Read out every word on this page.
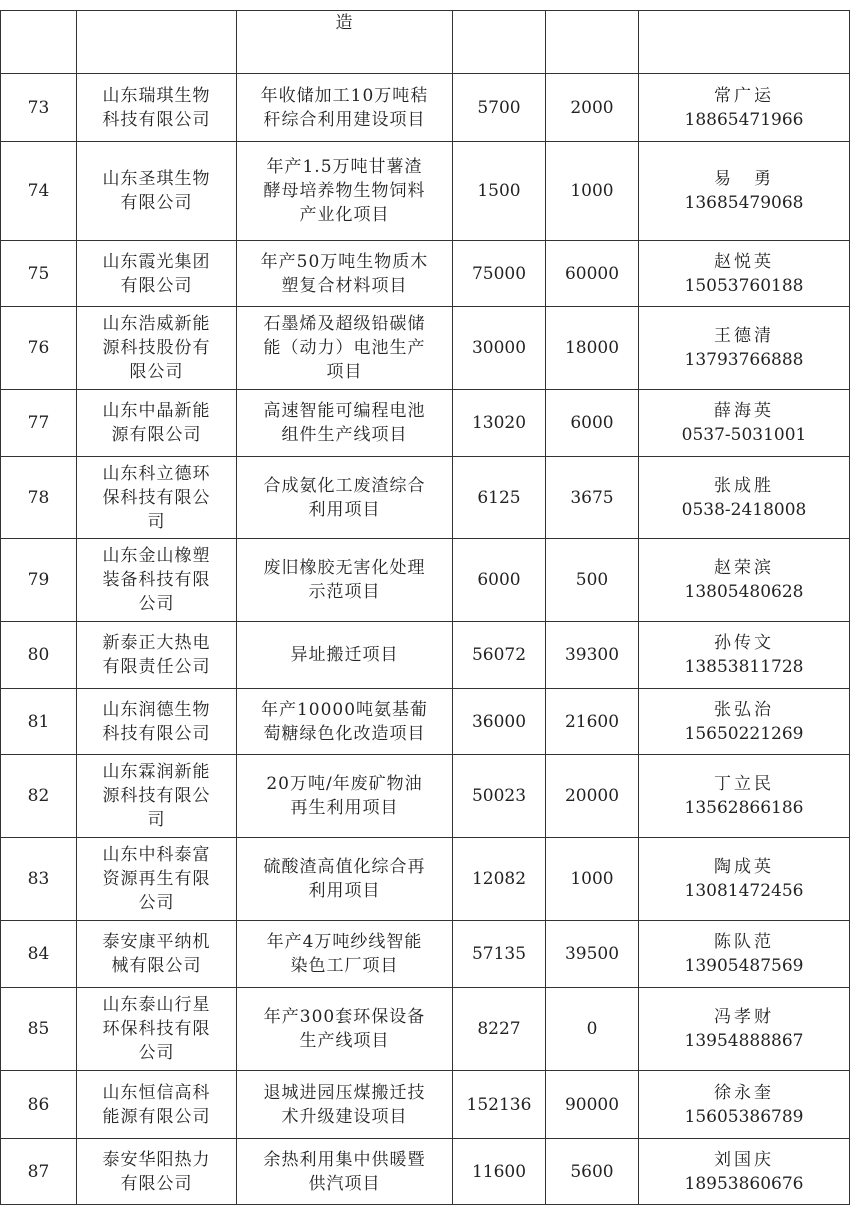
		造			
73	山东瑞琪生物
科技有限公司	年收储加工10万吨秸
秆综合利用建设项目	5700	2000	常广运
18865471966

74	山东圣琪生物
有限公司	年产1.5万吨甘薯渣
酵母培养物生物饲料
产业化项目	1500	1000	易　勇
13685479068

75	山东霞光集团
有限公司	年产50万吨生物质木
塑复合材料项目	75000	60000	赵悦英
15053760188

76	山东浩威新能
源科技股份有
限公司	石墨烯及超级铅碳储
能（动力）电池生产
项目	30000	18000	王德清
13793766888

77	山东中晶新能
源有限公司	高速智能可编程电池
组件生产线项目	13020	6000	薛海英
0537-5031001

78	山东科立德环
保科技有限公
司	合成氨化工废渣综合
利用项目	6125	3675	张成胜
0538-2418008

79	山东金山橡塑
装备科技有限
公司	废旧橡胶无害化处理
示范项目	6000	500	赵荣滨
13805480628

80	新泰正大热电
有限责任公司	异址搬迁项目	56072	39300	孙传文
13853811728

81	山东润德生物
科技有限公司	年产10000吨氨基葡
萄糖绿色化改造项目	36000	21600	张弘治
15650221269

82	山东霖润新能
源科技有限公
司	20万吨/年废矿物油
再生利用项目	50023	20000	丁立民
13562866186

83	山东中科泰富
资源再生有限
公司	硫酸渣高值化综合再
利用项目	12082	1000	陶成英
13081472456

84	泰安康平纳机
械有限公司	年产4万吨纱线智能
染色工厂项目	57135	39500	陈队范
13905487569

85	山东泰山行星
环保科技有限
公司	年产300套环保设备
生产线项目	8227	0	冯孝财
13954888867

86	山东恒信高科
能源有限公司	退城进园压煤搬迁技
术升级建设项目	152136	90000	徐永奎
15605386789

87	泰安华阳热力
有限公司	余热利用集中供暖暨
供汽项目	11600	5600	刘国庆
18953860676
